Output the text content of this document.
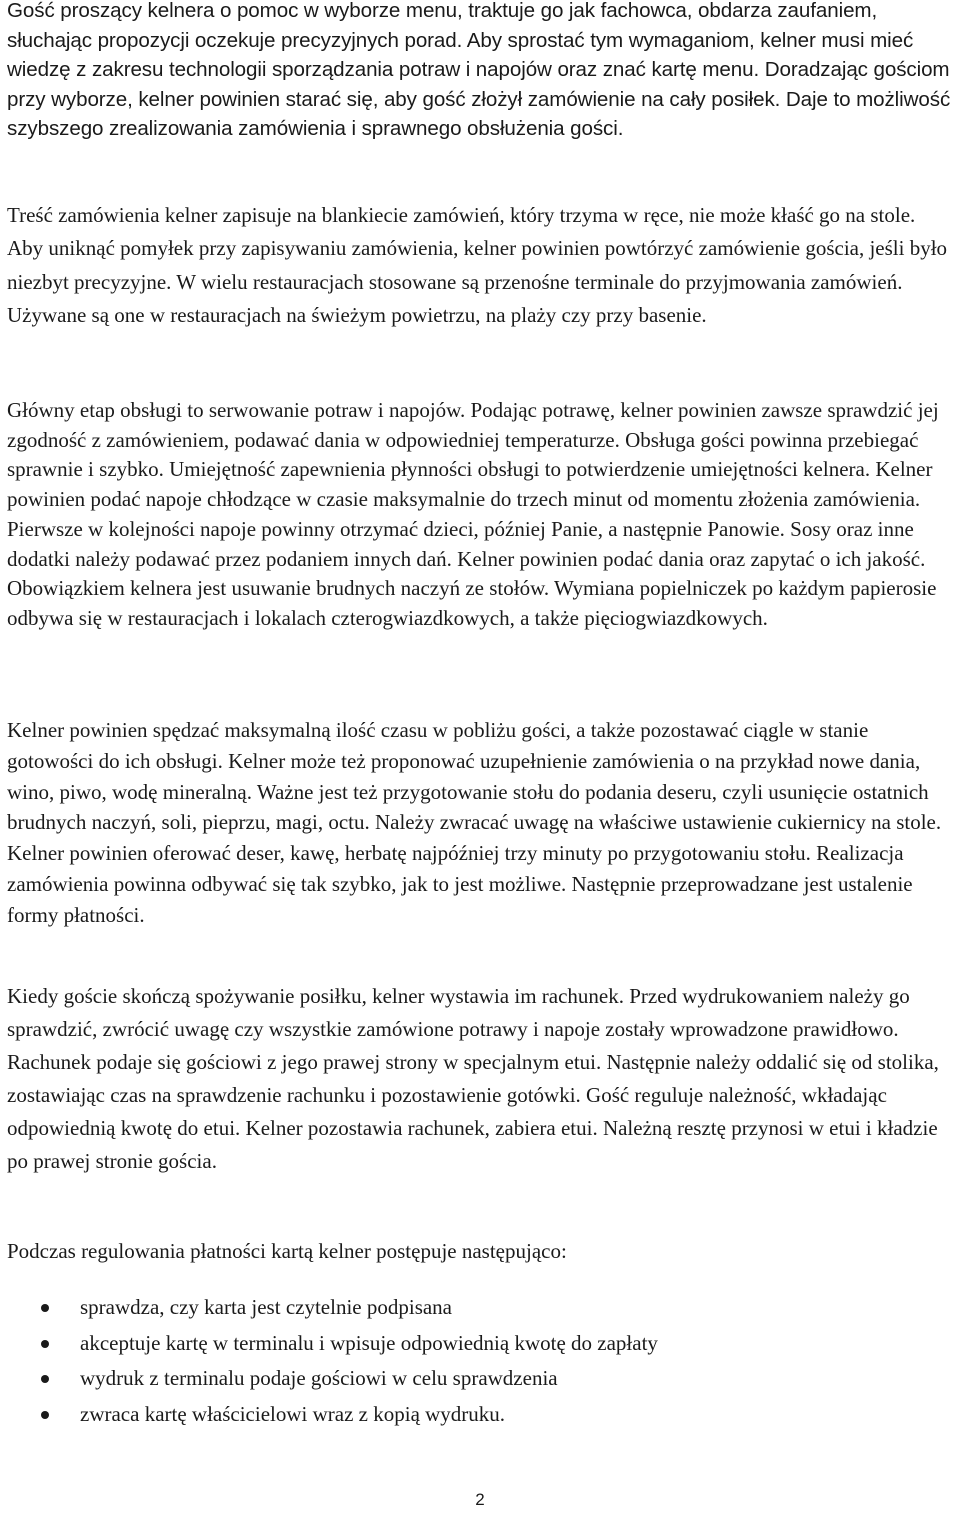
Gość proszący kelnera o pomoc w wyborze menu, traktuje go jak fachowca, obdarza zaufaniem, słuchając propozycji oczekuje precyzyjnych porad. Aby sprostać tym wymaganiom, kelner musi mieć wiedzę z zakresu technologii sporządzania potraw i napojów oraz znać kartę menu. Doradzając gościom przy wyborze, kelner powinien starać się, aby gość złożył zamówienie na cały posiłek. Daje to możliwość szybszego zrealizowania zamówienia i sprawnego obsłużenia gości.

Treść zamówienia kelner zapisuje na blankiecie zamówień, który trzyma w ręce, nie może kłaść go na stole. Aby uniknąć pomyłek przy zapisywaniu zamówienia, kelner powinien powtórzyć zamówienie gościa, jeśli było niezbyt precyzyjne. W wielu restauracjach stosowane są przenośne terminale do przyjmowania zamówień. Używane są one w restauracjach na świeżym powietrzu, na plaży czy przy basenie.

Główny etap obsługi to serwowanie potraw i napojów. Podając potrawę, kelner powinien zawsze sprawdzić jej zgodność z zamówieniem, podawać dania w odpowiedniej temperaturze. Obsługa gości powinna przebiegać sprawnie i szybko. Umiejętność zapewnienia płynności obsługi to potwierdzenie umiejętności kelnera. Kelner powinien podać napoje chłodzące w czasie maksymalnie do trzech minut od momentu złożenia zamówienia. Pierwsze w kolejności napoje powinny otrzymać dzieci, później Panie, a następnie Panowie. Sosy oraz inne dodatki należy podawać przez podaniem innych dań. Kelner powinien podać dania oraz zapytać o ich jakość. Obowiązkiem kelnera jest usuwanie brudnych naczyń ze stołów. Wymiana popielniczek po każdym papierosie odbywa się w restauracjach i lokalach czterogwiazdkowych, a także pięciogwiazdkowych.

Kelner powinien spędzać maksymalną ilość czasu w pobliżu gości, a także pozostawać ciągle w stanie gotowości do ich obsługi. Kelner może też proponować uzupełnienie zamówienia o na przykład nowe dania, wino, piwo, wodę mineralną. Ważne jest też przygotowanie stołu do podania deseru, czyli usunięcie ostatnich brudnych naczyń, soli, pieprzu, magi, octu. Należy zwracać uwagę na właściwe ustawienie cukiernicy na stole. Kelner powinien oferować deser, kawę, herbatę najpóźniej trzy minuty po przygotowaniu stołu. Realizacja zamówienia powinna odbywać się tak szybko, jak to jest możliwe. Następnie przeprowadzane jest ustalenie formy płatności.

Kiedy goście skończą spożywanie posiłku, kelner wystawia im rachunek. Przed wydrukowaniem należy go sprawdzić, zwrócić uwagę czy wszystkie zamówione potrawy i napoje zostały wprowadzone prawidłowo. Rachunek podaje się gościowi z jego prawej strony w specjalnym etui. Następnie należy oddalić się od stolika, zostawiając czas na sprawdzenie rachunku i pozostawienie gotówki. Gość reguluje należność, wkładając odpowiednią kwotę do etui. Kelner pozostawia rachunek, zabiera etui. Należną resztę przynosi w etui i kładzie po prawej stronie gościa.

Podczas regulowania płatności kartą kelner postępuje następująco:

sprawdza, czy karta jest czytelnie podpisana
akceptuje kartę w terminalu i wpisuje odpowiednią kwotę do zapłaty
wydruk z terminalu podaje gościowi w celu sprawdzenia
zwraca kartę właścicielowi wraz z kopią wydruku.
2
